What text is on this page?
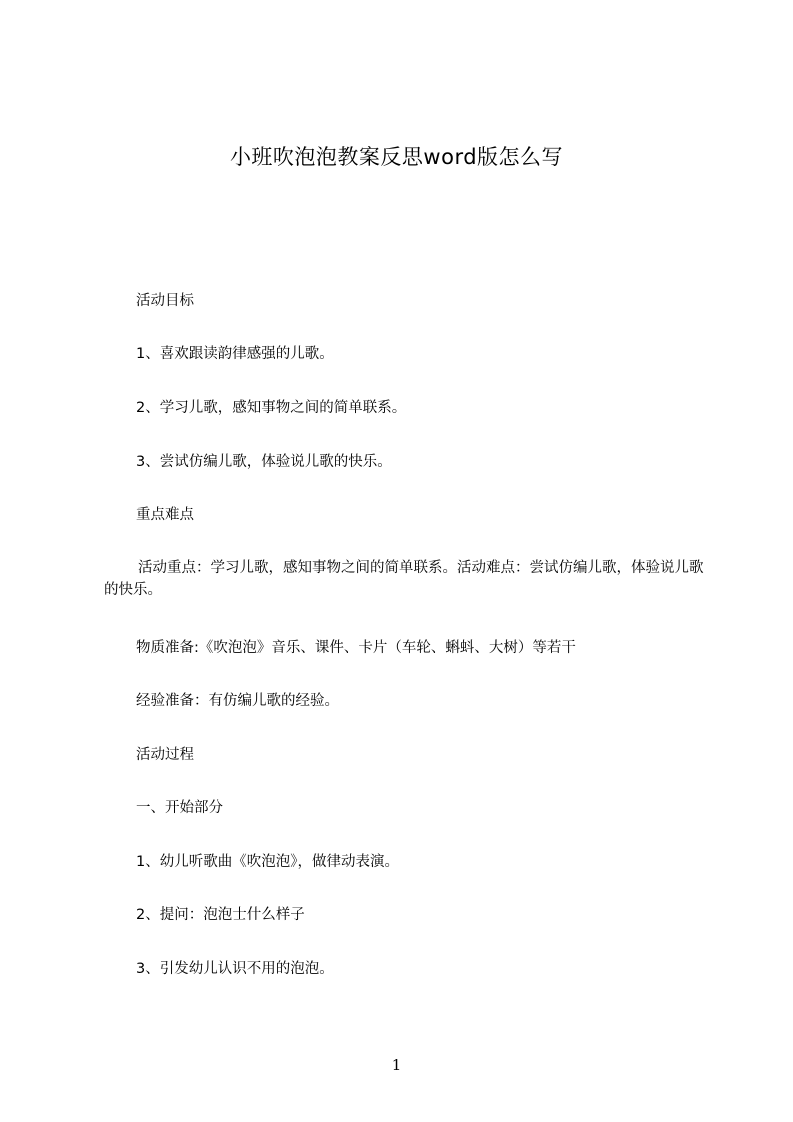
小班吹泡泡教案反思word版怎么写
活动目标
1、喜欢跟读韵律感强的儿歌。
2、学习儿歌，感知事物之间的简单联系。
3、尝试仿编儿歌，体验说儿歌的快乐。
重点难点
活动重点：学习儿歌，感知事物之间的简单联系。活动难点：尝试仿编儿歌，体验说儿歌的快乐。
物质准备:《吹泡泡》音乐、课件、卡片（车轮、蝌蚪、大树）等若干
经验准备：有仿编儿歌的经验。
活动过程
一、开始部分
1、幼儿听歌曲《吹泡泡》，做律动表演。
2、提问：泡泡士什么样子
3、引发幼儿认识不用的泡泡。
1
